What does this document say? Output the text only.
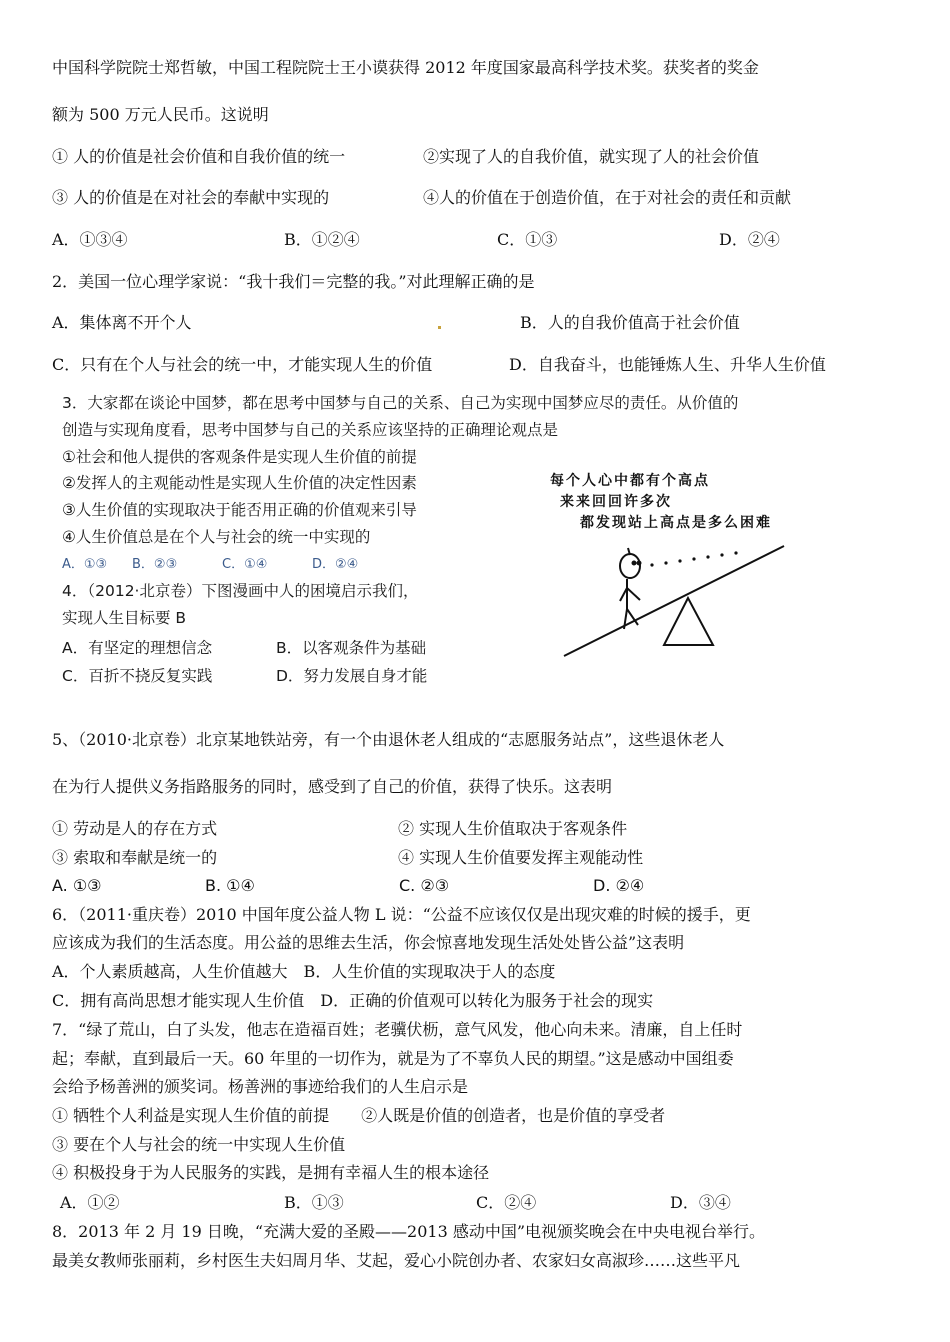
中国科学院院士郑哲敏，中国工程院院士王小谟获得 2012 年度国家最高科学技术奖。获奖者的奖金
额为 500 万元人民币。这说明
① 人的价值是社会价值和自我价值的统一	②实现了人的自我价值，就实现了人的社会价值
③ 人的价值是在对社会的奉献中实现的	④人的价值在于创造价值，在于对社会的责任和贡献
A．①③④	B．①②④	C．①③	D．②④
2．美国一位心理学家说：“我十我们＝完整的我。”对此理解正确的是
A．集体离不开个人	B．人的自我价值高于社会价值
C．只有在个人与社会的统一中，才能实现人生的价值	D．自我奋斗，也能锤炼人生、升华人生价值
3．大家都在谈论中国梦，都在思考中国梦与自己的关系、自己为实现中国梦应尽的责任。从价值的
创造与实现角度看，思考中国梦与自己的关系应该坚持的正确理论观点是
①社会和他人提供的客观条件是实现人生价值的前提
②发挥人的主观能动性是实现人生价值的决定性因素
③人生价值的实现取决于能否用正确的价值观来引导
④人生价值总是在个人与社会的统一中实现的
A．①③ B．②③	C．①④	D．②④
4．（2012·北京卷）下图漫画中人的困境启示我们，
实现人生目标要 B
A．有坚定的理想信念	B．以客观条件为基础
C．百折不挠反复实践	D．努力发展自身才能
每个人心中都有个高点
来来回回许多次
都发现站上高点是多么困难
5、（2010·北京卷）北京某地铁站旁，有一个由退休老人组成的“志愿服务站点”，这些退休老人
在为行人提供义务指路服务的同时，感受到了自己的价值，获得了快乐。这表明
① 劳动是人的存在方式	② 实现人生价值取决于客观条件
③ 索取和奉献是统一的	④ 实现人生价值要发挥主观能动性
A. ①③	B. ①④	C. ②③	D. ②④
6．（2011·重庆卷）2010 中国年度公益人物 L 说：“公益不应该仅仅是出现灾难的时候的援手，更
应该成为我们的生活态度。用公益的思维去生活，你会惊喜地发现生活处处皆公益”这表明
A．个人素质越高，人生价值越大　B．人生价值的实现取决于人的态度
C．拥有高尚思想才能实现人生价值　D．正确的价值观可以转化为服务于社会的现实
7．“绿了荒山，白了头发，他志在造福百姓；老骥伏枥，意气风发，他心向未来。清廉，自上任时
起；奉献，直到最后一天。60 年里的一切作为，就是为了不辜负人民的期望。”这是感动中国组委
会给予杨善洲的颁奖词。杨善洲的事迹给我们的人生启示是
① 牺牲个人利益是实现人生价值的前提　　②人既是价值的创造者，也是价值的享受者
③ 要在个人与社会的统一中实现人生价值
④ 积极投身于为人民服务的实践，是拥有幸福人生的根本途径
A．①②	B．①③	C．②④	D．③④
8．2013 年 2 月 19 日晚，“充满大爱的圣殿——2013 感动中国”电视颁奖晚会在中央电视台举行。
最美女教师张丽莉，乡村医生夫妇周月华、艾起，爱心小院创办者、农家妇女高淑珍……这些平凡
